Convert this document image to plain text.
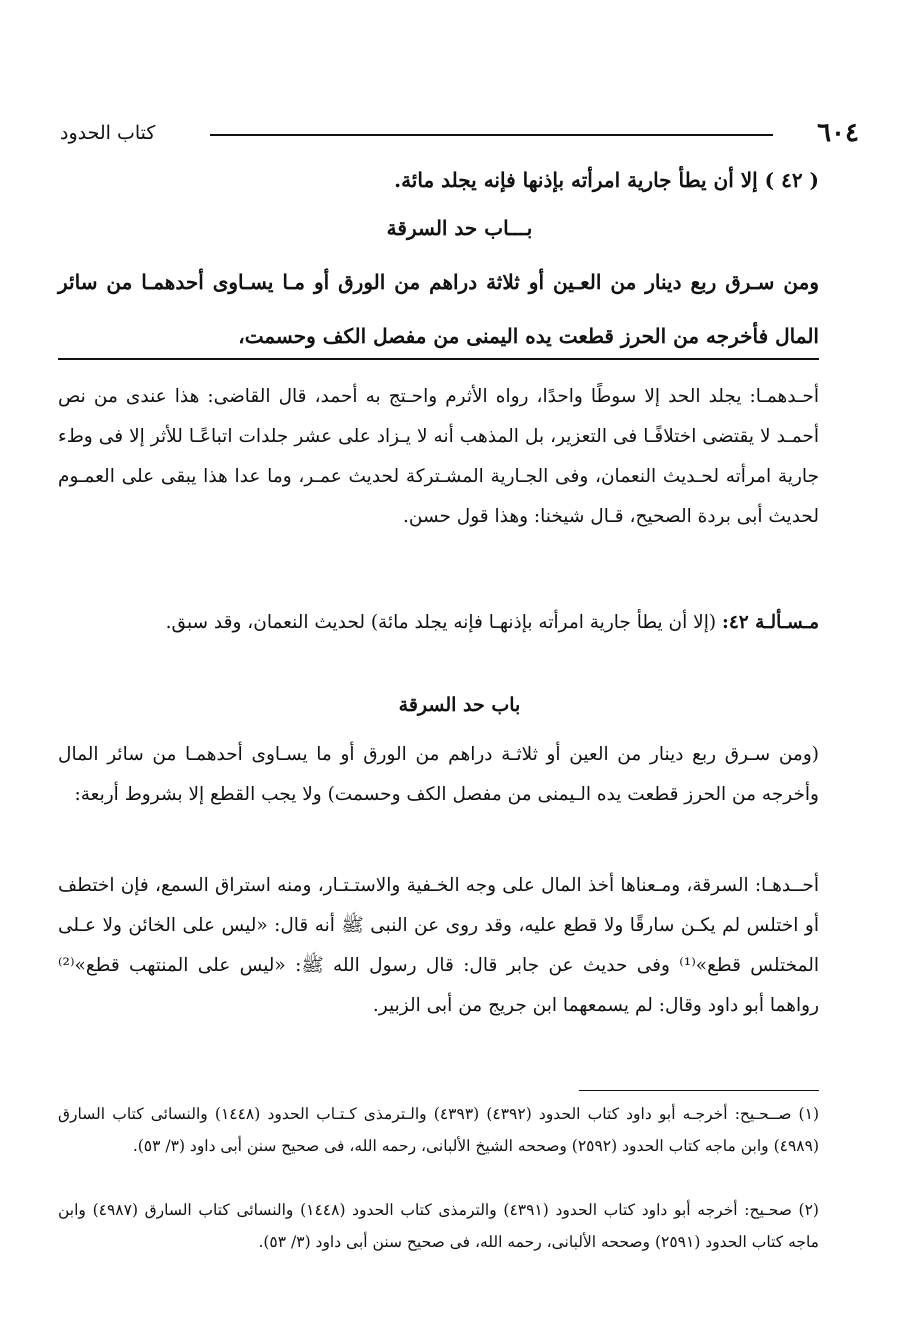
٦٠٤
كتاب الحدود
( ٤٢ ) إلا أن يطأ جارية امرأته بإذنها فإنه يجلد مائة.
بـــاب حد السرقة
ومن سـرق ربع دينار من العـين أو ثلاثة دراهم من الورق أو مـا يسـاوى أحدهمـا من سائر المال فأخرجه من الحرز قطعت يده اليمنى من مفصل الكف وحسمت،
أحـدهمـا: يجلد الحد إلا سوطًا واحدًا، رواه الأثرم واحـتج به أحمد، قال القاضى: هذا عندى من نص أحمـد لا يقتضى اختلافًـا فى التعزير، بل المذهب أنه لا يـزاد على عشر جلدات اتباعًـا للأثر إلا فى وطء جارية امرأته لحـديث النعمان، وفى الجـارية المشـتركة لحديث عمـر، وما عدا هذا يبقى على العمـوم لحديث أبى بردة الصحيح، قـال شيخنا: وهذا قول حسن.
مـسـألـة ٤٢: (إلا أن يطأ جارية امرأته بإذنهـا فإنه يجلد مائة) لحديث النعمان، وقد سبق.
باب حد السرقة
(ومن سـرق ربع دينار من العين أو ثلاثـة دراهم من الورق أو ما يسـاوى أحدهمـا من سائر المال وأخرجه من الحرز قطعت يده الـيمنى من مفصل الكف وحسمت) ولا يجب القطع إلا بشروط أربعة:
أحــدهـا: السرقة، ومـعناها أخذ المال على وجه الخـفية والاستـتـار، ومنه استراق السمع، فإن اختطف أو اختلس لم يكـن سارقًا ولا قطع عليه، وقد روى عن النبى ﷺ أنه قال: «ليس على الخائن ولا عـلى المختلس قطع»⁽¹⁾ وفى حديث عن جابر قال: قال رسول الله ﷺ: «ليس على المنتهب قطع»⁽²⁾ رواهما أبو داود وقال: لم يسمعهما ابن جريج من أبى الزبير.
(١) صــحـيح: أخرجـه أبو داود كتاب الحدود (٤٣٩٢) (٤٣٩٣) والـترمذى كـتـاب الحدود (١٤٤٨) والنسائى كتاب السارق (٤٩٨٩) وابن ماجه كتاب الحدود (٢٥٩٢) وصححه الشيخ الألبانى، رحمه الله، فى صحيح سنن أبى داود (٣/ ٥٣).
(٢) صحـيح: أخرجه أبو داود كتاب الحدود (٤٣٩١) والترمذى كتاب الحدود (١٤٤٨) والنسائى كتاب السارق (٤٩٨٧) وابن ماجه كتاب الحدود (٢٥٩١) وصححه الألبانى، رحمه الله، فى صحيح سنن أبى داود (٣/ ٥٣).
